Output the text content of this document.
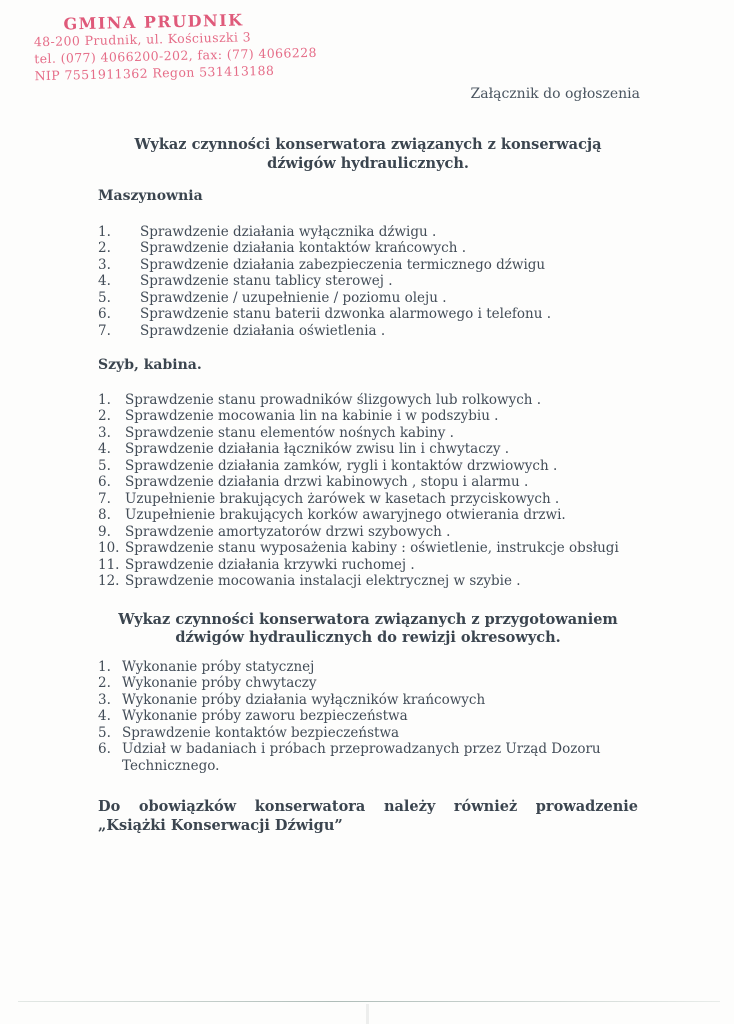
GMINA PRUDNIK
48-200 Prudnik, ul. Kościuszki 3
tel. (077) 4066200-202, fax: (77) 4066228
NIP 7551911362 Regon 531413188
Załącznik do ogłoszenia
Wykaz czynności konserwatora związanych z konserwacją dźwigów hydraulicznych.
Maszynownia
1.	Sprawdzenie działania wyłącznika dźwigu .
2.	Sprawdzenie działania kontaktów krańcowych .
3.	Sprawdzenie działania zabezpieczenia termicznego dźwigu
4.	Sprawdzenie stanu tablicy sterowej .
5.	Sprawdzenie / uzupełnienie / poziomu oleju .
6.	Sprawdzenie stanu baterii dzwonka alarmowego i telefonu .
7.	Sprawdzenie działania oświetlenia .
Szyb, kabina.
1.	Sprawdzenie stanu prowadników ślizgowych lub rolkowych .
2.	Sprawdzenie mocowania lin na kabinie i w podszybiu .
3.	Sprawdzenie stanu elementów nośnych kabiny .
4.	Sprawdzenie działania łączników zwisu lin i chwytaczy .
5.	Sprawdzenie działania zamków, rygli i kontaktów drzwiowych .
6.	Sprawdzenie działania drzwi kabinowych , stopu i alarmu .
7.	Uzupełnienie brakujących żarówek w kasetach przyciskowych .
8.	Uzupełnienie brakujących korków awaryjnego otwierania drzwi.
9.	Sprawdzenie amortyzatorów drzwi szybowych .
10. Sprawdzenie stanu wyposażenia kabiny : oświetlenie, instrukcje obsługi
11. Sprawdzenie działania krzywki ruchomej .
12. Sprawdzenie mocowania instalacji elektrycznej w szybie .
Wykaz czynności konserwatora związanych z przygotowaniem dźwigów hydraulicznych do rewizji okresowych.
1. Wykonanie próby statycznej
2. Wykonanie próby chwytaczy
3. Wykonanie próby działania wyłączników krańcowych
4. Wykonanie próby zaworu bezpieczeństwa
5. Sprawdzenie kontaktów bezpieczeństwa
6. Udział w badaniach i próbach przeprowadzanych przez Urząd Dozoru Technicznego.
Do obowiązków konserwatora należy również prowadzenie „Książki Konserwacji Dźwigu”
